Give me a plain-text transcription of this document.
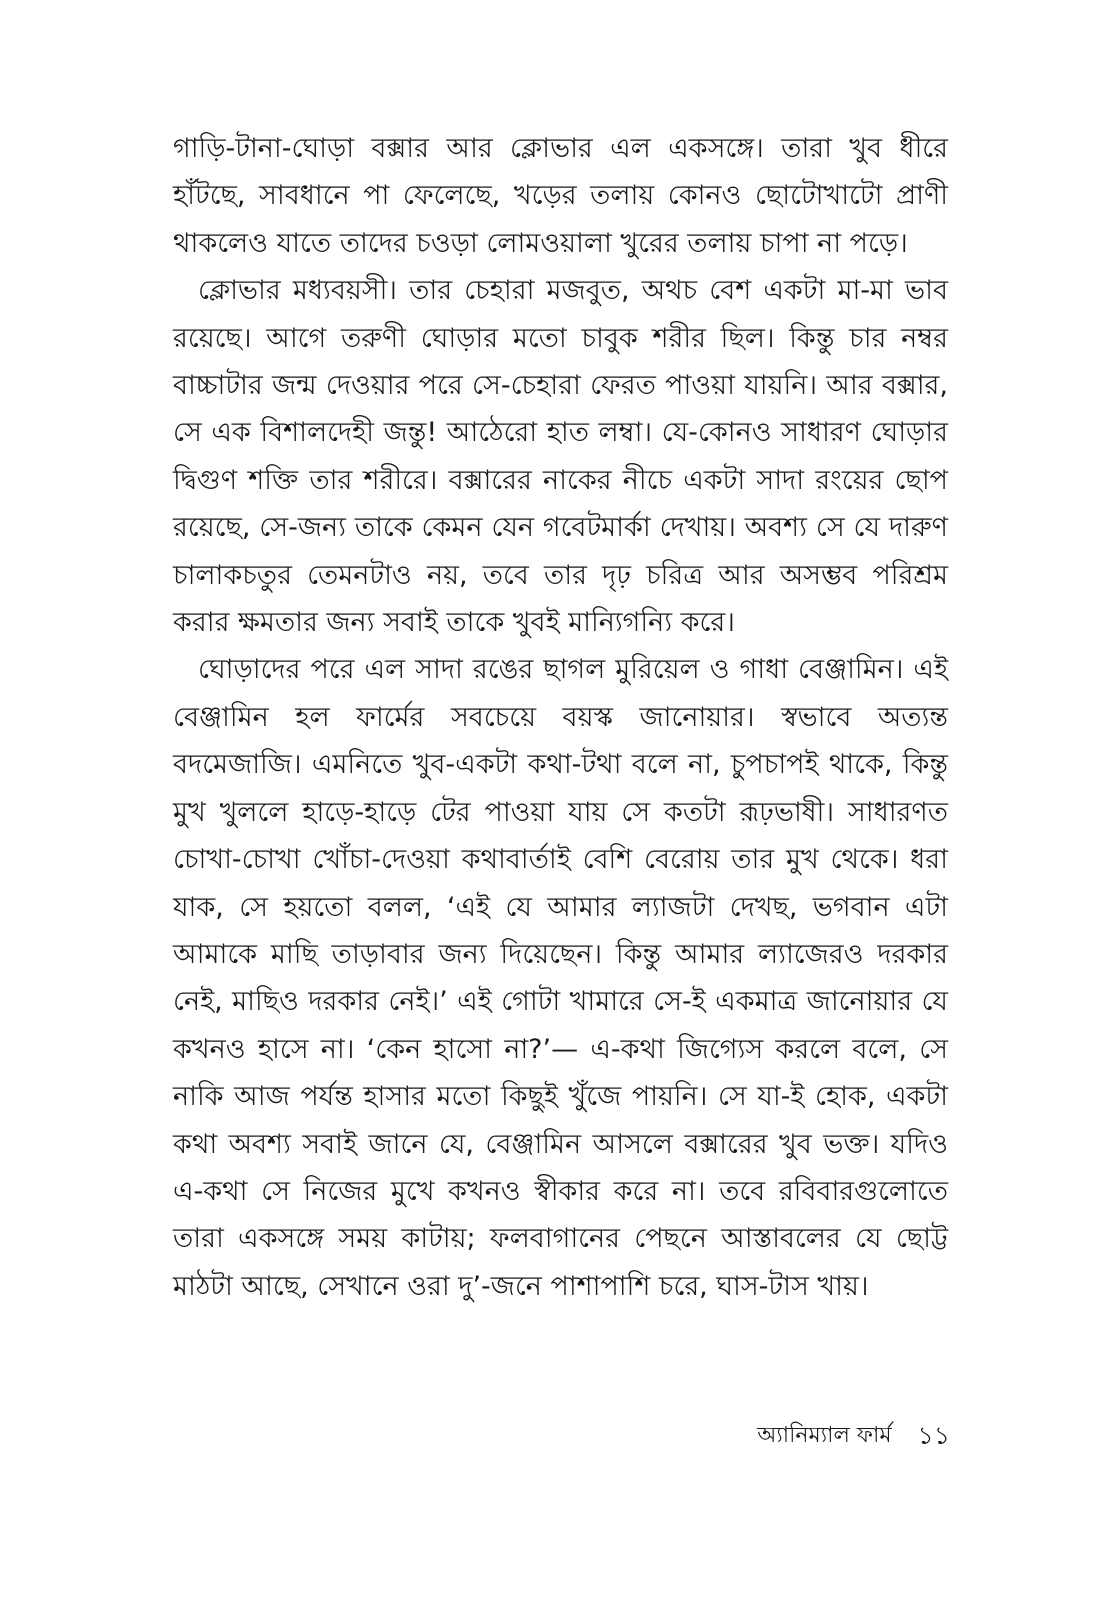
গাড়ি-টানা-ঘোড়া বক্সার আর ক্লোভার এল একসঙ্গে। তারা খুব ধীরে হাঁটছে, সাবধানে পা ফেলেছে, খড়ের তলায় কোনও ছোটোখাটো প্রাণী থাকলেও যাতে তাদের চওড়া লোমওয়ালা খুরের তলায় চাপা না পড়ে।

ক্লোভার মধ্যবয়সী। তার চেহারা মজবুত, অথচ বেশ একটা মা-মা ভাব রয়েছে। আগে তরুণী ঘোড়ার মতো চাবুক শরীর ছিল। কিন্তু চার নম্বর বাচ্চাটার জন্ম দেওয়ার পরে সে-চেহারা ফেরত পাওয়া যায়নি। আর বক্সার, সে এক বিশালদেহী জন্তু! আঠেরো হাত লম্বা। যে-কোনও সাধারণ ঘোড়ার দ্বিগুণ শক্তি তার শরীরে। বক্সারের নাকের নীচে একটা সাদা রংয়ের ছোপ রয়েছে, সে-জন্য তাকে কেমন যেন গবেটমার্কা দেখায়। অবশ্য সে যে দারুণ চালাকচতুর তেমনটাও নয়, তবে তার দৃঢ় চরিত্র আর অসম্ভব পরিশ্রম করার ক্ষমতার জন্য সবাই তাকে খুবই মান্যিগন্যি করে।

ঘোড়াদের পরে এল সাদা রঙের ছাগল মুরিয়েল ও গাধা বেঞ্জামিন। এই বেঞ্জামিন হল ফার্মের সবচেয়ে বয়স্ক জানোয়ার। স্বভাবে অত্যন্ত বদমেজাজি। এমনিতে খুব-একটা কথা-টথা বলে না, চুপচাপই থাকে, কিন্তু মুখ খুললে হাড়ে-হাড়ে টের পাওয়া যায় সে কতটা রূঢ়ভাষী। সাধারণত চোখা-চোখা খোঁচা-দেওয়া কথাবার্তাই বেশি বেরোয় তার মুখ থেকে। ধরা যাক, সে হয়তো বলল, ‘এই যে আমার ল্যাজটা দেখছ, ভগবান এটা আমাকে মাছি তাড়াবার জন্য দিয়েছেন। কিন্তু আমার ল্যাজেরও দরকার নেই, মাছিও দরকার নেই।’ এই গোটা খামারে সে-ই একমাত্র জানোয়ার যে কখনও হাসে না। ‘কেন হাসো না?’— এ-কথা জিগ্যেস করলে বলে, সে নাকি আজ পর্যন্ত হাসার মতো কিছুই খুঁজে পায়নি। সে যা-ই হোক, একটা কথা অবশ্য সবাই জানে যে, বেঞ্জামিন আসলে বক্সারের খুব ভক্ত। যদিও এ-কথা সে নিজের মুখে কখনও স্বীকার করে না। তবে রবিবারগুলোতে তারা একসঙ্গে সময় কাটায়; ফলবাগানের পেছনে আস্তাবলের যে ছোট্ট মাঠটা আছে, সেখানে ওরা দু’-জনে পাশাপাশি চরে, ঘাস-টাস খায়।

অ্যানিম্যাল ফার্ম ১১
